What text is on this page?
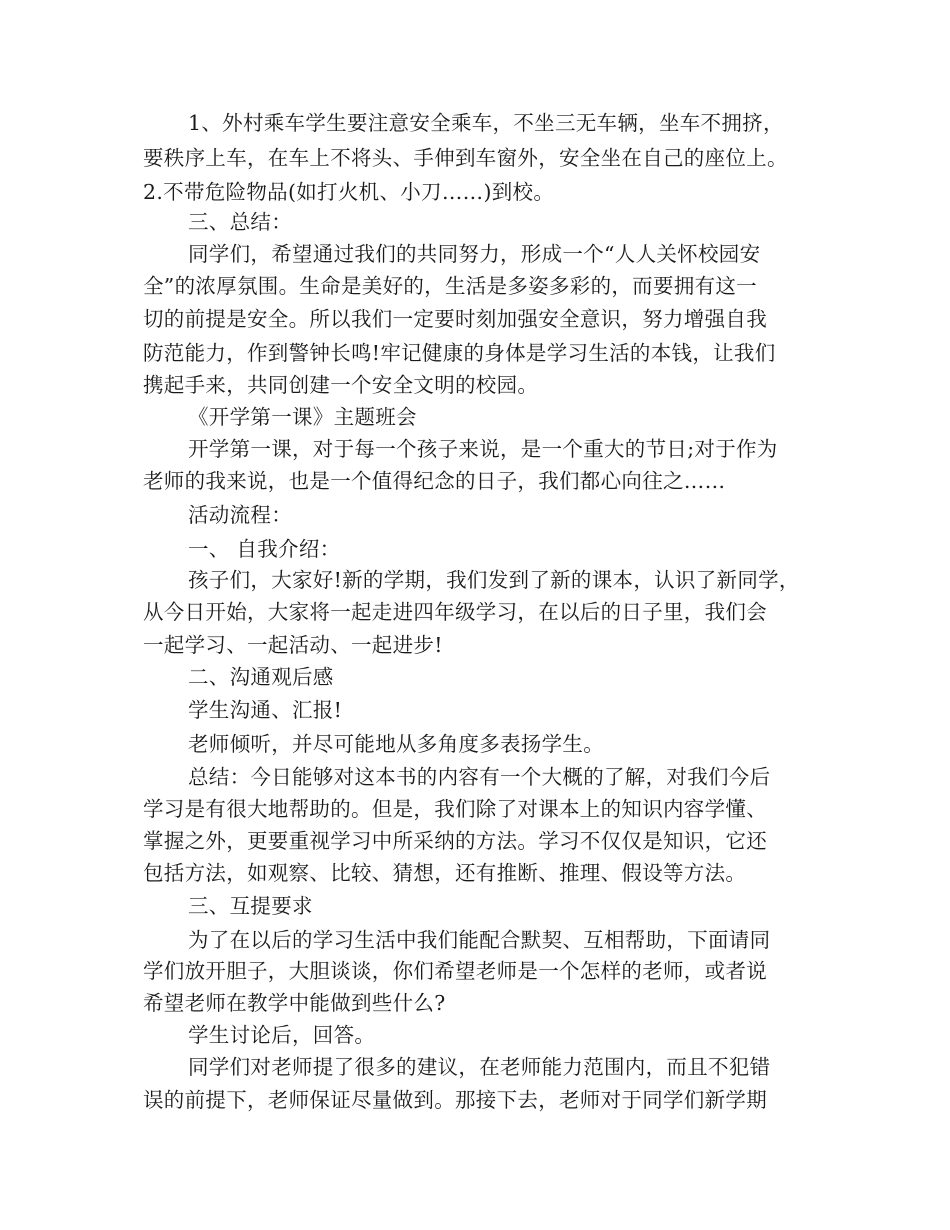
1、外村乘车学生要注意安全乘车，不坐三无车辆，坐车不拥挤，
要秩序上车，在车上不将头、手伸到车窗外，安全坐在自己的座位上。
2.不带危险物品(如打火机、小刀……)到校。
三、总结：
同学们，希望通过我们的共同努力，形成一个“人人关怀校园安
全”的浓厚氛围。生命是美好的，生活是多姿多彩的，而要拥有这一
切的前提是安全。所以我们一定要时刻加强安全意识，努力增强自我
防范能力，作到警钟长鸣!牢记健康的身体是学习生活的本钱，让我们
携起手来，共同创建一个安全文明的校园。
《开学第一课》主题班会
开学第一课，对于每一个孩子来说，是一个重大的节日;对于作为
老师的我来说，也是一个值得纪念的日子，我们都心向往之……
活动流程：
一、 自我介绍：
孩子们，大家好!新的学期，我们发到了新的课本，认识了新同学，
从今日开始，大家将一起走进四年级学习，在以后的日子里，我们会
一起学习、一起活动、一起进步!
二、沟通观后感
学生沟通、汇报!
老师倾听，并尽可能地从多角度多表扬学生。
总结：今日能够对这本书的内容有一个大概的了解，对我们今后
学习是有很大地帮助的。但是，我们除了对课本上的知识内容学懂、
掌握之外，更要重视学习中所采纳的方法。学习不仅仅是知识，它还
包括方法，如观察、比较、猜想，还有推断、推理、假设等方法。
三、互提要求
为了在以后的学习生活中我们能配合默契、互相帮助，下面请同
学们放开胆子，大胆谈谈，你们希望老师是一个怎样的老师，或者说
希望老师在教学中能做到些什么?
学生讨论后，回答。
同学们对老师提了很多的建议，在老师能力范围内，而且不犯错
误的前提下，老师保证尽量做到。那接下去，老师对于同学们新学期
